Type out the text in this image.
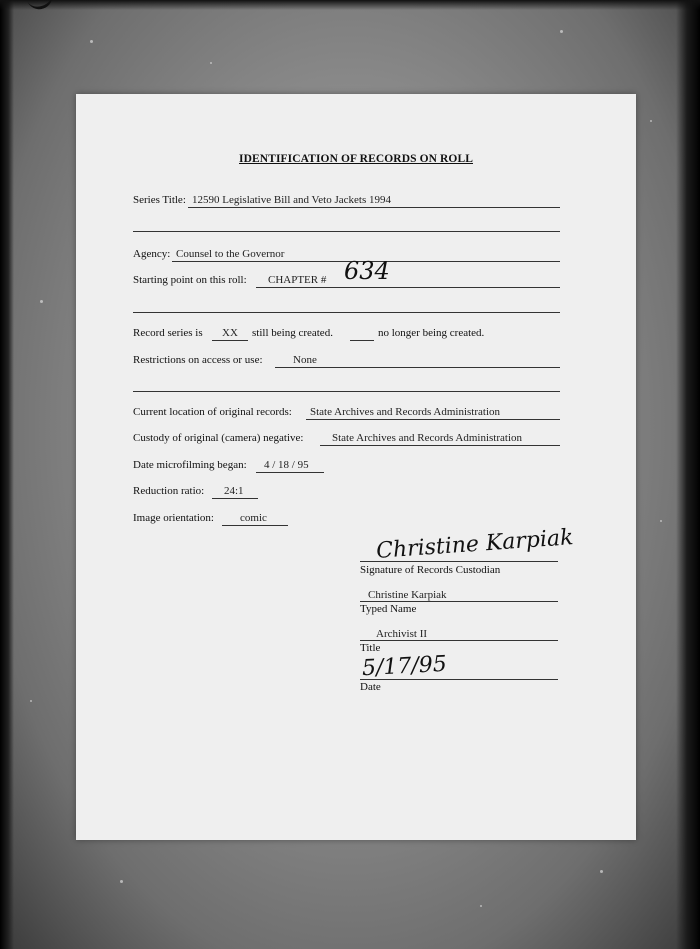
IDENTIFICATION OF RECORDS ON ROLL
Series Title: 12590 Legislative Bill and Veto Jackets 1994
Agency: Counsel to the Governor
Starting point on this roll: CHAPTER # 634
Record series is XX still being created.	no longer being created.
Restrictions on access or use:	None
Current location of original records: State Archives and Records Administration
Custody of original (camera) negative:	State Archives and Records Administration
Date microfilming began: 4 / 18 / 95
Reduction ratio: 24:1
Image orientation: comic
Christine Karpiak
Signature of Records Custodian
Christine Karpiak
Typed Name
Archivist II
Title
5/17/95
Date
